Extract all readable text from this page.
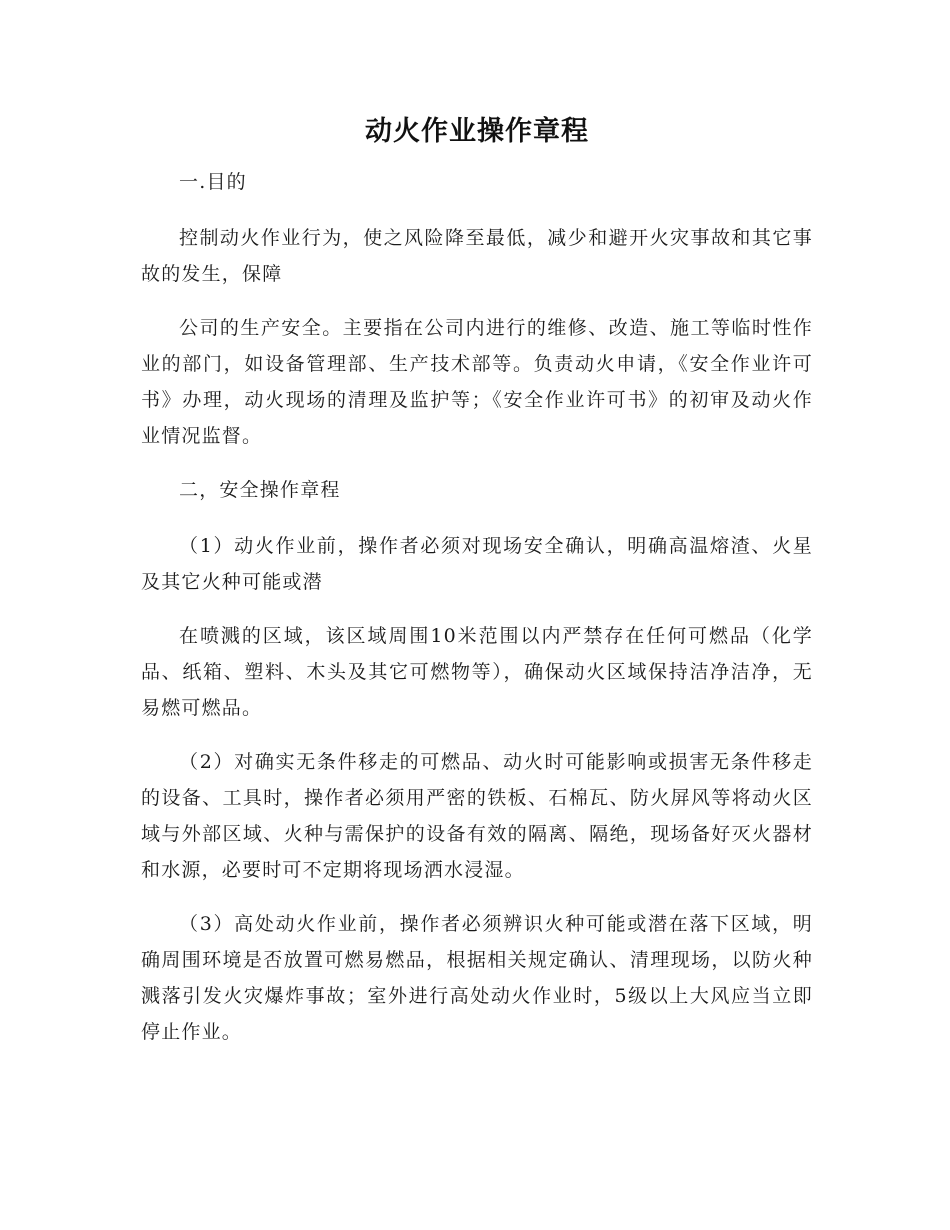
动火作业操作章程

一.目的

控制动火作业行为，使之风险降至最低，减少和避开火灾事故和其它事故的发生，保障

公司的生产安全。主要指在公司内进行的维修、改造、施工等临时性作业的部门，如设备管理部、生产技术部等。负责动火申请，《安全作业许可书》办理，动火现场的清理及监护等；《安全作业许可书》的初审及动火作业情况监督。

二，安全操作章程

（1）动火作业前，操作者必须对现场安全确认，明确高温熔渣、火星及其它火种可能或潜

在喷溅的区域，该区域周围10米范围以内严禁存在任何可燃品（化学品、纸箱、塑料、木头及其它可燃物等），确保动火区域保持洁净洁净，无易燃可燃品。

（2）对确实无条件移走的可燃品、动火时可能影响或损害无条件移走的设备、工具时，操作者必须用严密的铁板、石棉瓦、防火屏风等将动火区域与外部区域、火种与需保护的设备有效的隔离、隔绝，现场备好灭火器材和水源，必要时可不定期将现场洒水浸湿。

（3）高处动火作业前，操作者必须辨识火种可能或潜在落下区域，明确周围环境是否放置可燃易燃品，根据相关规定确认、清理现场，以防火种溅落引发火灾爆炸事故；室外进行高处动火作业时，5级以上大风应当立即停止作业。
